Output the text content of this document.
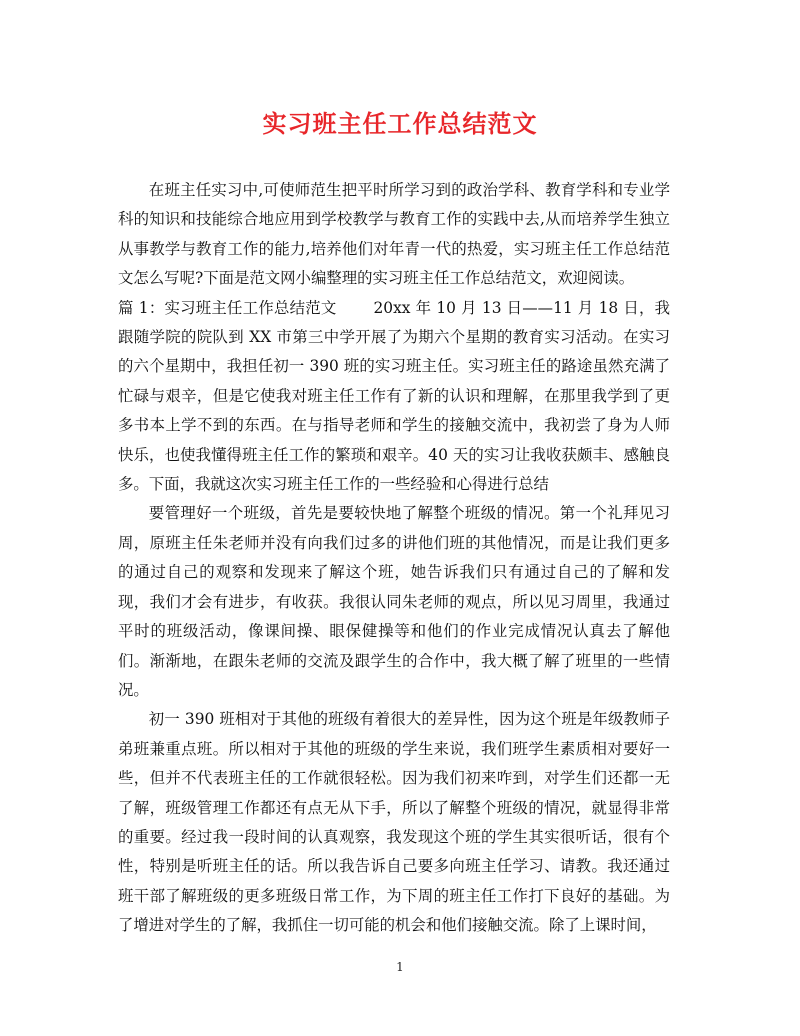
实习班主任工作总结范文

在班主任实习中,可使师范生把平时所学习到的政治学科、教育学科和专业学科的知识和技能综合地应用到学校教学与教育工作的实践中去,从而培养学生独立从事教学与教育工作的能力,培养他们对年青一代的热爱，实习班主任工作总结范文怎么写呢?下面是范文网小编整理的实习班主任工作总结范文，欢迎阅读。

篇 1：实习班主任工作总结范文 20xx 年 10 月 13 日——11 月 18 日，我跟随学院的院队到 XX 市第三中学开展了为期六个星期的教育实习活动。在实习的六个星期中，我担任初一 390 班的实习班主任。实习班主任的路途虽然充满了忙碌与艰辛，但是它使我对班主任工作有了新的认识和理解，在那里我学到了更多书本上学不到的东西。在与指导老师和学生的接触交流中，我初尝了身为人师快乐，也使我懂得班主任工作的繁琐和艰辛。40 天的实习让我收获颇丰、感触良多。下面，我就这次实习班主任工作的一些经验和心得进行总结

要管理好一个班级，首先是要较快地了解整个班级的情况。第一个礼拜见习周，原班主任朱老师并没有向我们过多的讲他们班的其他情况，而是让我们更多的通过自己的观察和发现来了解这个班，她告诉我们只有通过自己的了解和发现，我们才会有进步，有收获。我很认同朱老师的观点，所以见习周里，我通过平时的班级活动，像课间操、眼保健操等和他们的作业完成情况认真去了解他们。渐渐地，在跟朱老师的交流及跟学生的合作中，我大概了解了班里的一些情况。

初一 390 班相对于其他的班级有着很大的差异性，因为这个班是年级教师子弟班兼重点班。所以相对于其他的班级的学生来说，我们班学生素质相对要好一些，但并不代表班主任的工作就很轻松。因为我们初来咋到，对学生们还都一无了解，班级管理工作都还有点无从下手，所以了解整个班级的情况，就显得非常的重要。经过我一段时间的认真观察，我发现这个班的学生其实很听话，很有个性，特别是听班主任的话。所以我告诉自己要多向班主任学习、请教。我还通过班干部了解班级的更多班级日常工作，为下周的班主任工作打下良好的基础。为了增进对学生的了解，我抓住一切可能的机会和他们接触交流。除了上课时间，

1
